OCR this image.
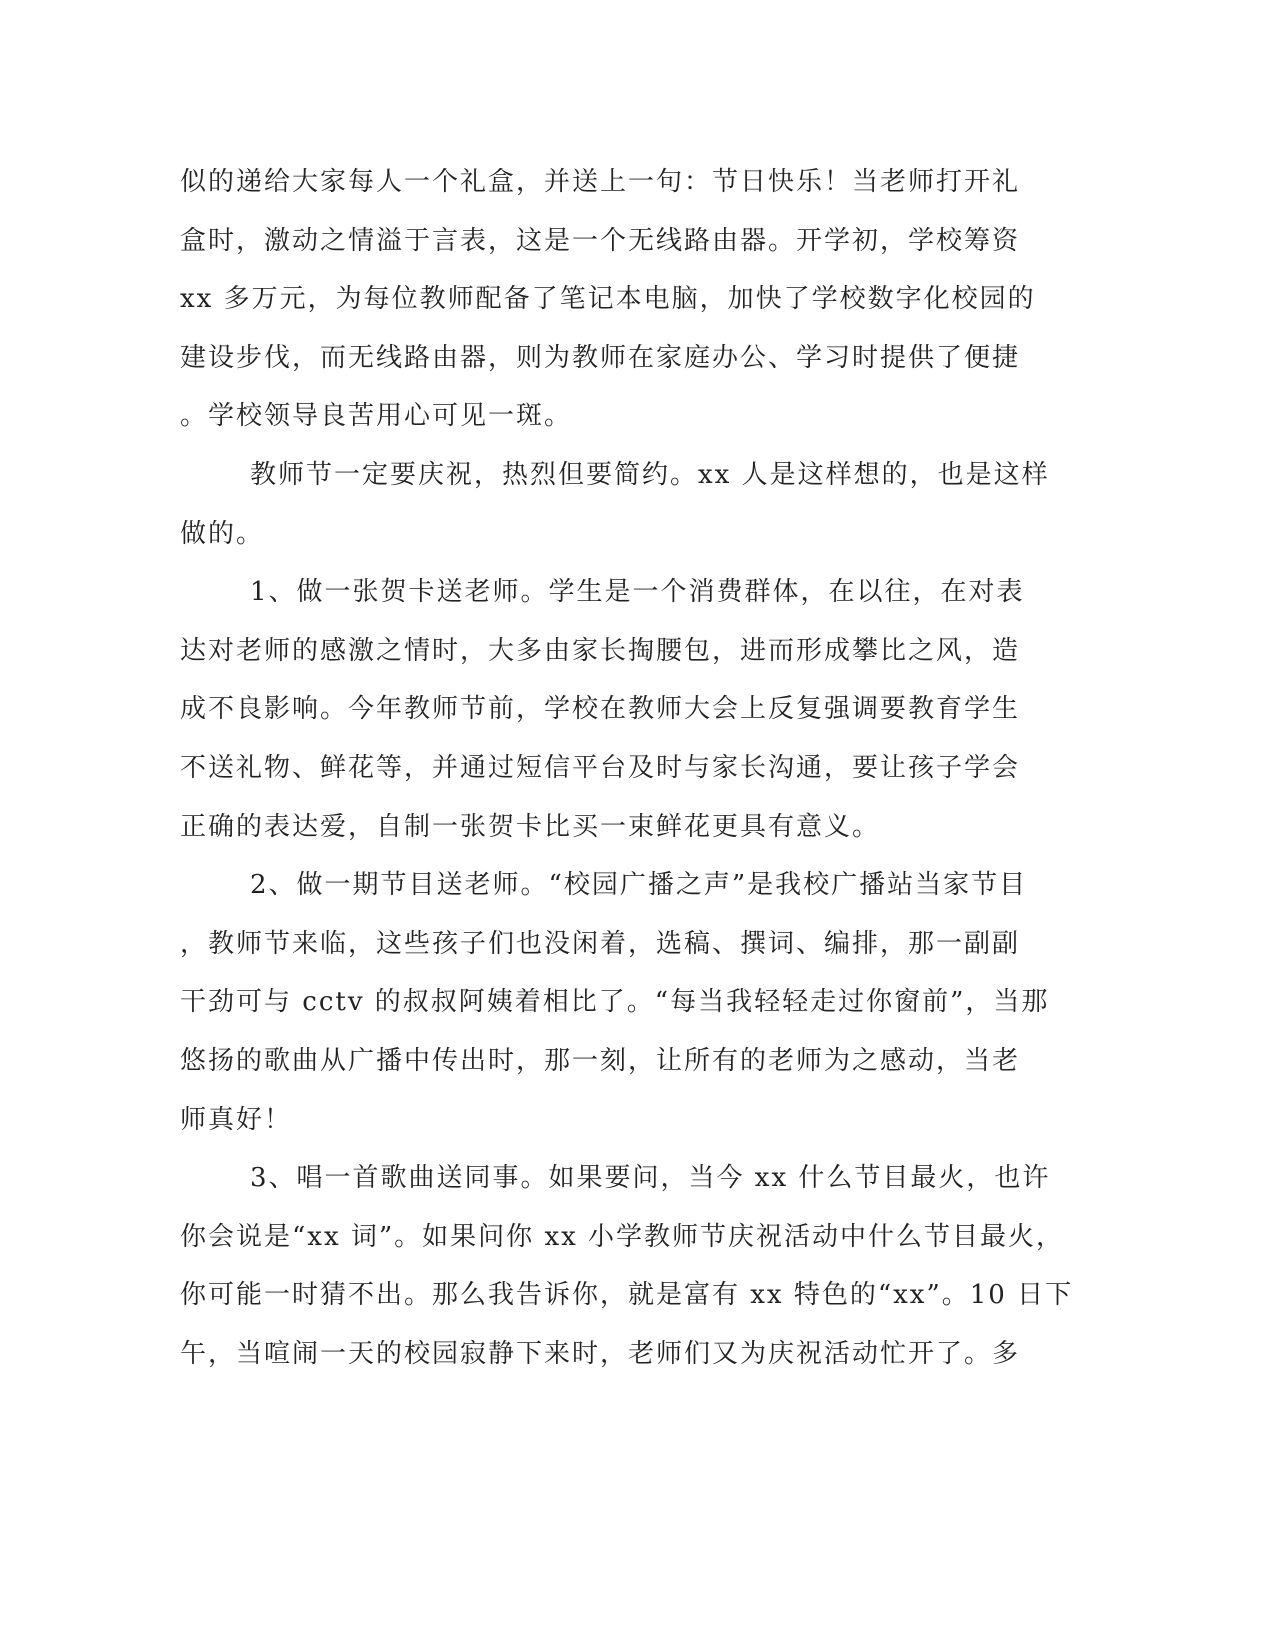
似的递给大家每人一个礼盒，并送上一句：节日快乐！当老师打开礼
盒时，激动之情溢于言表，这是一个无线路由器。开学初，学校筹资
xx 多万元，为每位教师配备了笔记本电脑，加快了学校数字化校园的
建设步伐，而无线路由器，则为教师在家庭办公、学习时提供了便捷
。学校领导良苦用心可见一斑。
教师节一定要庆祝，热烈但要简约。xx 人是这样想的，也是这样
做的。
1、做一张贺卡送老师。学生是一个消费群体，在以往，在对表
达对老师的感激之情时，大多由家长掏腰包，进而形成攀比之风，造
成不良影响。今年教师节前，学校在教师大会上反复强调要教育学生
不送礼物、鲜花等，并通过短信平台及时与家长沟通，要让孩子学会
正确的表达爱，自制一张贺卡比买一束鲜花更具有意义。
2、做一期节目送老师。“校园广播之声”是我校广播站当家节目
，教师节来临，这些孩子们也没闲着，选稿、撰词、编排，那一副副
干劲可与 cctv 的叔叔阿姨着相比了。“每当我轻轻走过你窗前”，当那
悠扬的歌曲从广播中传出时，那一刻，让所有的老师为之感动，当老
师真好！
3、唱一首歌曲送同事。如果要问，当今 xx 什么节目最火，也许
你会说是“xx 词”。如果问你 xx 小学教师节庆祝活动中什么节目最火，
你可能一时猜不出。那么我告诉你，就是富有 xx 特色的“xx”。10 日下
午，当喧闹一天的校园寂静下来时，老师们又为庆祝活动忙开了。多
